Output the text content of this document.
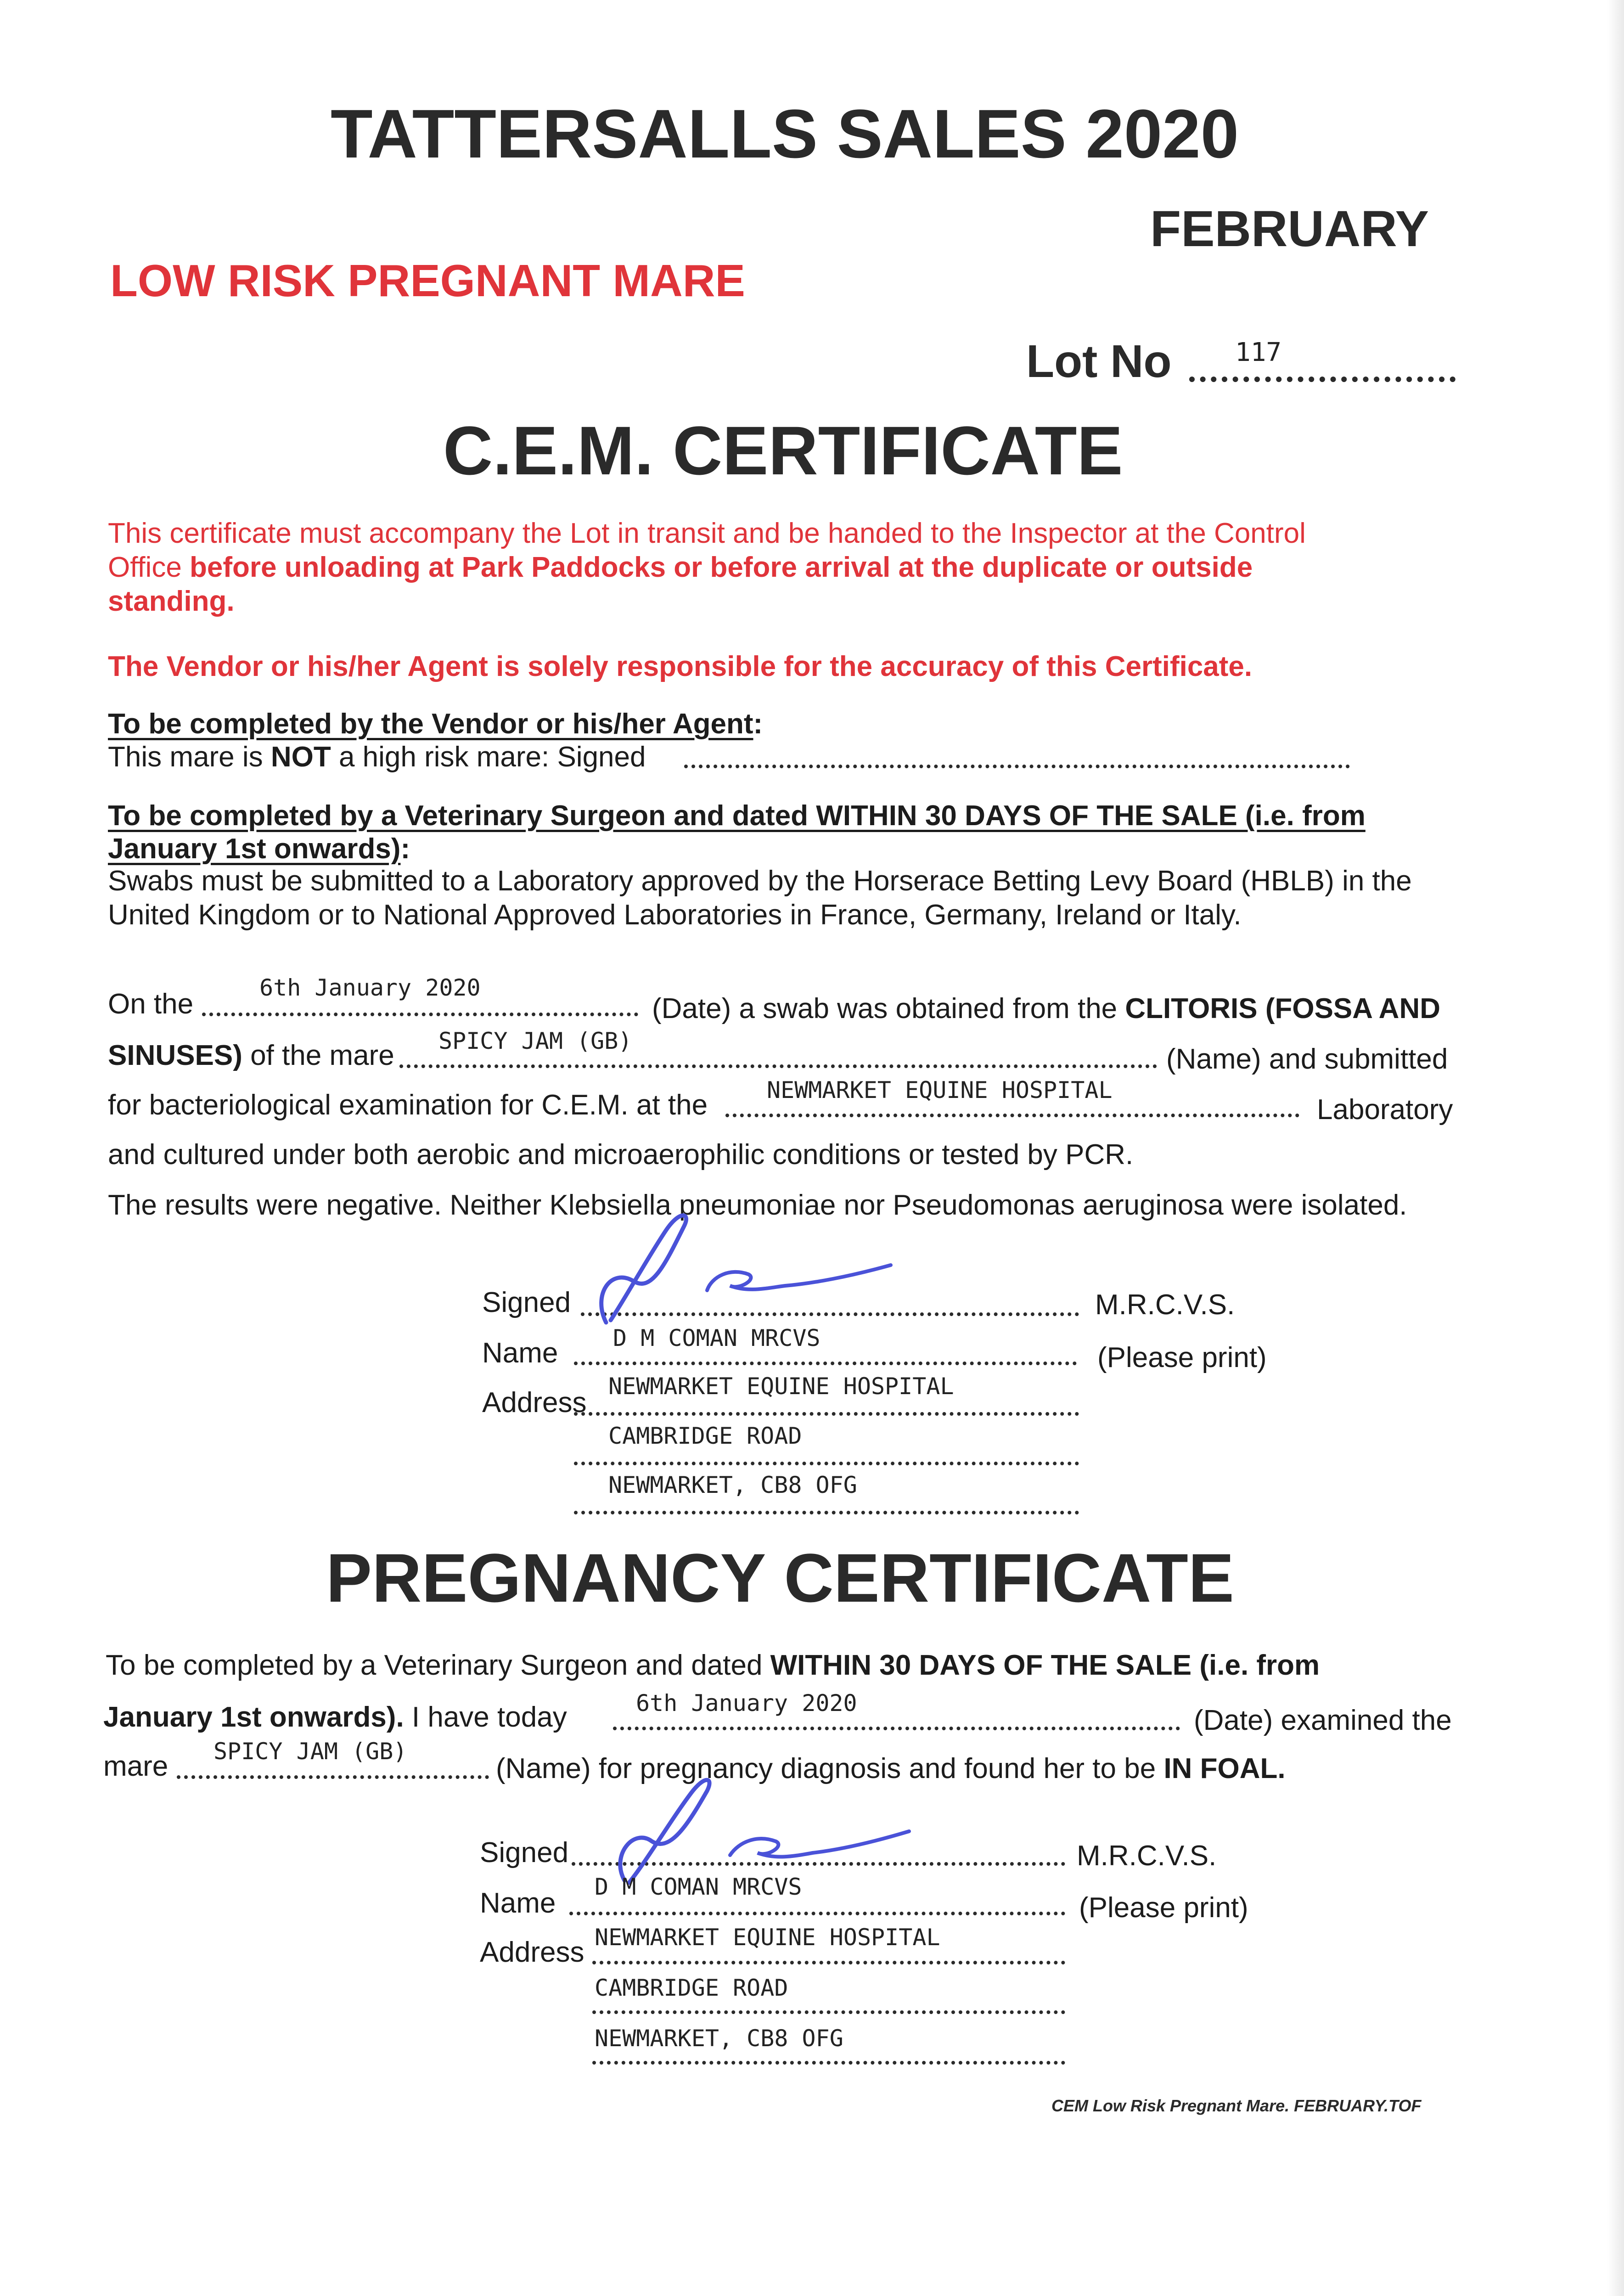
TATTERSALLS SALES 2020
FEBRUARY
LOW RISK PREGNANT MARE
Lot No 117
C.E.M. CERTIFICATE
This certificate must accompany the Lot in transit and be handed to the Inspector at the Control
Office before unloading at Park Paddocks or before arrival at the duplicate or outside
standing.
The Vendor or his/her Agent is solely responsible for the accuracy of this Certificate.
To be completed by the Vendor or his/her Agent:
This mare is NOT a high risk mare: Signed
To be completed by a Veterinary Surgeon and dated WITHIN 30 DAYS OF THE SALE (i.e. from
January 1st onwards):
Swabs must be submitted to a Laboratory approved by the Horserace Betting Levy Board (HBLB) in the
United Kingdom or to National Approved Laboratories in France, Germany, Ireland or Italy.
On the
6th January 2020
(Date) a swab was obtained from the CLITORIS (FOSSA AND
SINUSES) of the mare SPICY JAM (GB)
(Name) and submitted
for bacteriological examination for C.E.M. at the	NEWMARKET EQUINE HOSPITAL
Laboratory
and cultured under both aerobic and microaerophilic conditions or tested by PCR.
The results were negative. Neither Klebsiella pneumoniae nor Pseudomonas aeruginosa were isolated.
Signed	M.R.C.V.S.
Name D M COMAN MRCVS
(Please print)
Address
NEWMARKET EQUINE HOSPITAL
CAMBRIDGE ROAD
NEWMARKET, CB8 OFG
PREGNANCY CERTIFICATE
To be completed by a Veterinary Surgeon and dated WITHIN 30 DAYS OF THE SALE (i.e. from
January 1st onwards). I have today	6th January 2020
(Date) examined the
mare SPICY JAM (GB)
(Name) for pregnancy diagnosis and found her to be IN FOAL.
Signed	M.R.C.V.S.
Name
D M COMAN MRCVS
(Please print)
Address NEWMARKET EQUINE HOSPITAL
CAMBRIDGE ROAD
NEWMARKET, CB8 OFG
CEM Low Risk Pregnant Mare. FEBRUARY.TOF
